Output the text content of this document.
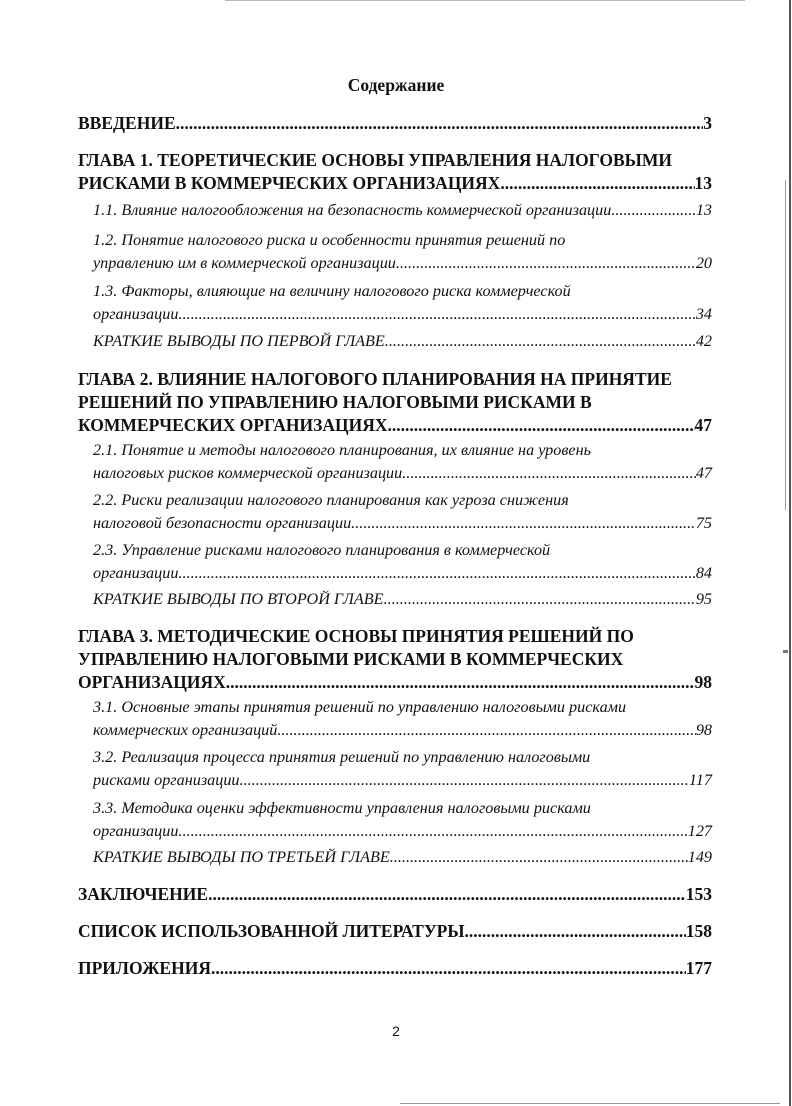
Содержание
ВВЕДЕНИЕ .....	3
ГЛАВА 1. ТЕОРЕТИЧЕСКИЕ ОСНОВЫ УПРАВЛЕНИЯ НАЛОГОВЫМИ
РИСКАМИ В КОММЕРЧЕСКИХ ОРГАНИЗАЦИЯХ .....	13
1.1. Влияние налогообложения на безопасность коммерческой организации .....	13
1.2. Понятие налогового риска и особенности принятия решений по
управлению им в коммерческой организации .....	20
1.3. Факторы, влияющие на величину налогового риска коммерческой
организации .....	34
КРАТКИЕ ВЫВОДЫ ПО ПЕРВОЙ ГЛАВЕ .....	42
ГЛАВА 2. ВЛИЯНИЕ НАЛОГОВОГО ПЛАНИРОВАНИЯ НА ПРИНЯТИЕ
РЕШЕНИЙ ПО УПРАВЛЕНИЮ НАЛОГОВЫМИ РИСКАМИ В
КОММЕРЧЕСКИХ ОРГАНИЗАЦИЯХ .....	47
2.1. Понятие и методы налогового планирования, их влияние на уровень
налоговых рисков коммерческой организации .....	47
2.2. Риски реализации налогового планирования как угроза снижения
налоговой безопасности организации .....	75
2.3. Управление рисками налогового планирования в коммерческой
организации .....	84
КРАТКИЕ ВЫВОДЫ ПО ВТОРОЙ ГЛАВЕ .....	95
ГЛАВА 3. МЕТОДИЧЕСКИЕ ОСНОВЫ ПРИНЯТИЯ РЕШЕНИЙ ПО
УПРАВЛЕНИЮ НАЛОГОВЫМИ РИСКАМИ В КОММЕРЧЕСКИХ
ОРГАНИЗАЦИЯХ .....	98
3.1. Основные этапы принятия решений по управлению налоговыми рисками
коммерческих организаций .....	98
3.2. Реализация процесса принятия решений по управлению налоговыми
рисками организации .....	117
3.3. Методика оценки эффективности управления налоговыми рисками
организации .....	127
КРАТКИЕ ВЫВОДЫ ПО ТРЕТЬЕЙ ГЛАВЕ .....	149
ЗАКЛЮЧЕНИЕ .....	153
СПИСОК ИСПОЛЬЗОВАННОЙ ЛИТЕРАТУРЫ .....	158
ПРИЛОЖЕНИЯ .....	177
2
